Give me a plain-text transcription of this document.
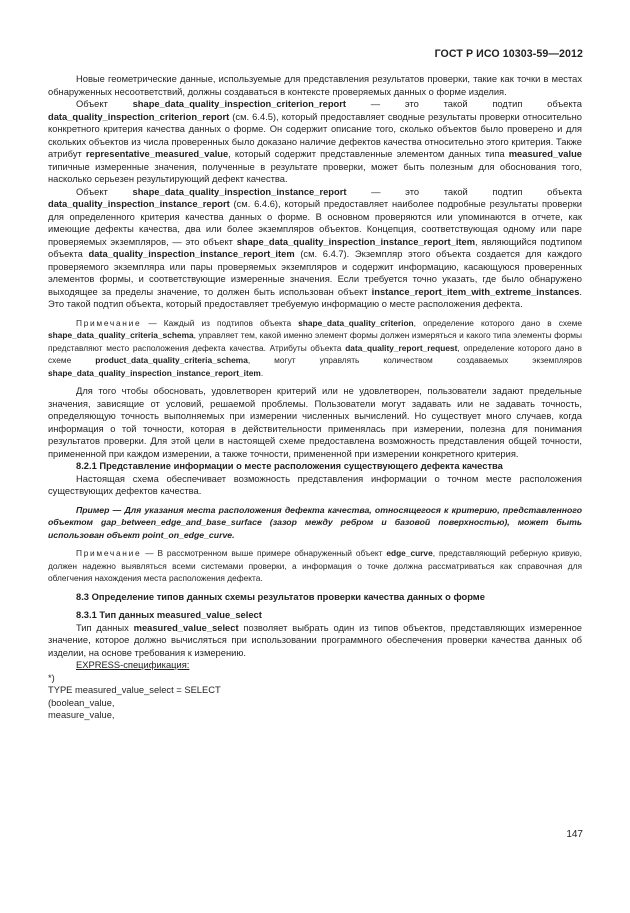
ГОСТ Р ИСО 10303-59—2012

Новые геометрические данные, используемые для представления результатов проверки, такие как точки в местах обнаруженных несоответствий, должны создаваться в контексте проверяемых данных о форме изделия.

Объект shape_data_quality_inspection_criterion_report — это такой подтип объекта data_quality_inspection_criterion_report (см. 6.4.5), который предоставляет сводные результаты проверки относительно конкретного критерия качества данных о форме. Он содержит описание того, сколько объектов было проверено и для скольких объектов из числа проверенных было доказано наличие дефектов качества относительно этого критерия. Также атрибут representative_measured_value, который содержит представленные элементом данных типа measured_value типичные измеренные значения, полученные в результате проверки, может быть полезным для обоснования того, насколько серьезен результирующий дефект качества.

Объект shape_data_quality_inspection_instance_report — это такой подтип объекта data_quality_inspection_instance_report (см. 6.4.6), который предоставляет наиболее подробные результаты проверки для определенного критерия качества данных о форме. В основном проверяются или упоминаются в отчете, как имеющие дефекты качества, два или более экземпляров объектов. Концепция, соответствующая одному или паре проверяемых экземпляров, — это объект shape_data_quality_inspection_instance_report_item, являющийся подтипом объекта data_quality_inspection_instance_report_item (см. 6.4.7). Экземпляр этого объекта создается для каждого проверяемого экземпляра или пары проверяемых экземпляров и содержит информацию, касающуюся проверенных элементов формы, и соответствующие измеренные значения. Если требуется точно указать, где было обнаружено выходящее за пределы значение, то должен быть использован объект instance_report_item_with_extreme_instances. Это такой подтип объекта, который предоставляет требуемую информацию о месте расположения дефекта.

Примечание — Каждый из подтипов объекта shape_data_quality_criterion, определение которого дано в схеме shape_data_quality_criteria_schema, управляет тем, какой именно элемент формы должен измеряться и какого типа элементы формы представляют место расположения дефекта качества. Атрибуты объекта data_quality_report_request, определение которого дано в схеме product_data_quality_criteria_schema, могут управлять количеством создаваемых экземпляров shape_data_quality_inspection_instance_report_item.

Для того чтобы обосновать, удовлетворен критерий или не удовлетворен, пользователи задают предельные значения, зависящие от условий, решаемой проблемы. Пользователи могут задавать или не задавать точность, определяющую точность выполняемых при измерении численных вычислений. Но существует много случаев, когда информация о той точности, которая в действительности применялась при измерении, полезна для понимания результатов проверки. Для этой цели в настоящей схеме предоставлена возможность представления общей точности, примененной при каждом измерении, а также точности, примененной при измерении конкретного критерия.

8.2.1 Представление информации о месте расположения существующего дефекта качества

Настоящая схема обеспечивает возможность представления информации о точном месте расположения существующих дефектов качества.

Пример — Для указания места расположения дефекта качества, относящегося к критерию, представленного объектом gap_between_edge_and_base_surface (зазор между ребром и базовой поверхностью), может быть использован объект point_on_edge_curve.

Примечание — В рассмотренном выше примере обнаруженный объект edge_curve, представляющий реберную кривую, должен надежно выявляться всеми системами проверки, а информация о точке должна рассматриваться как справочная для облегчения нахождения места расположения дефекта.

8.3 Определение типов данных схемы результатов проверки качества данных о форме

8.3.1 Тип данных measured_value_select

Тип данных measured_value_select позволяет выбрать один из типов объектов, представляющих измеренное значение, которое должно вычисляться при использовании программного обеспечения проверки качества данных об изделии, на основе требования к измерению.

EXPRESS-спецификация:

*)

TYPE measured_value_select = SELECT

(boolean_value,

measure_value,

147
